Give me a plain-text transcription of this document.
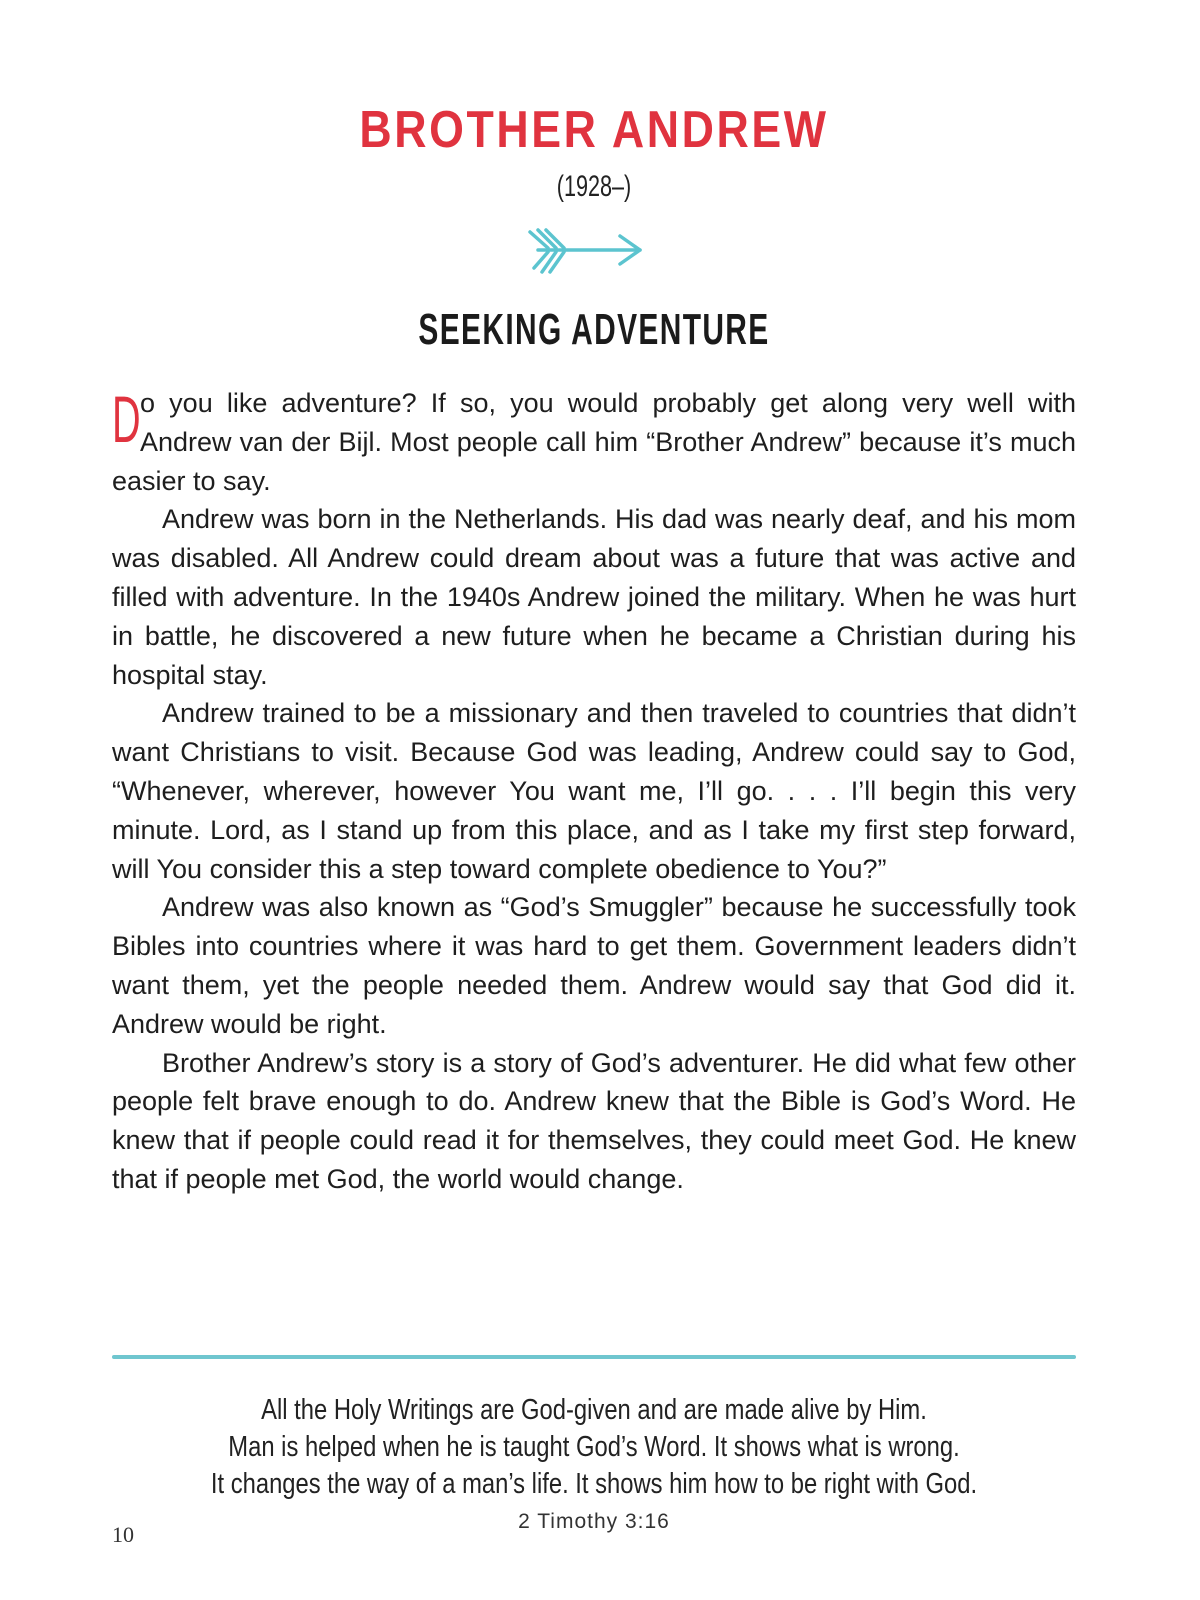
BROTHER ANDREW
(1928–)
SEEKING ADVENTURE

Do you like adventure? If so, you would probably get along very well with Andrew van der Bijl. Most people call him “Brother Andrew” because it’s much easier to say.

Andrew was born in the Netherlands. His dad was nearly deaf, and his mom was disabled. All Andrew could dream about was a future that was active and filled with adventure. In the 1940s Andrew joined the military. When he was hurt in battle, he discovered a new future when he became a Christian during his hospital stay.

Andrew trained to be a missionary and then traveled to countries that didn’t want Christians to visit. Because God was leading, Andrew could say to God, “Whenever, wherever, however You want me, I’ll go. . . . I’ll begin this very minute. Lord, as I stand up from this place, and as I take my first step forward, will You consider this a step toward complete obedience to You?”

Andrew was also known as “God’s Smuggler” because he successfully took Bibles into countries where it was hard to get them. Government leaders didn’t want them, yet the people needed them. Andrew would say that God did it. Andrew would be right.

Brother Andrew’s story is a story of God’s adventurer. He did what few other people felt brave enough to do. Andrew knew that the Bible is God’s Word. He knew that if people could read it for themselves, they could meet God. He knew that if people met God, the world would change.

All the Holy Writings are God-given and are made alive by Him.
Man is helped when he is taught God’s Word. It shows what is wrong.
It changes the way of a man’s life. It shows him how to be right with God.
2 Timothy 3:16
10
